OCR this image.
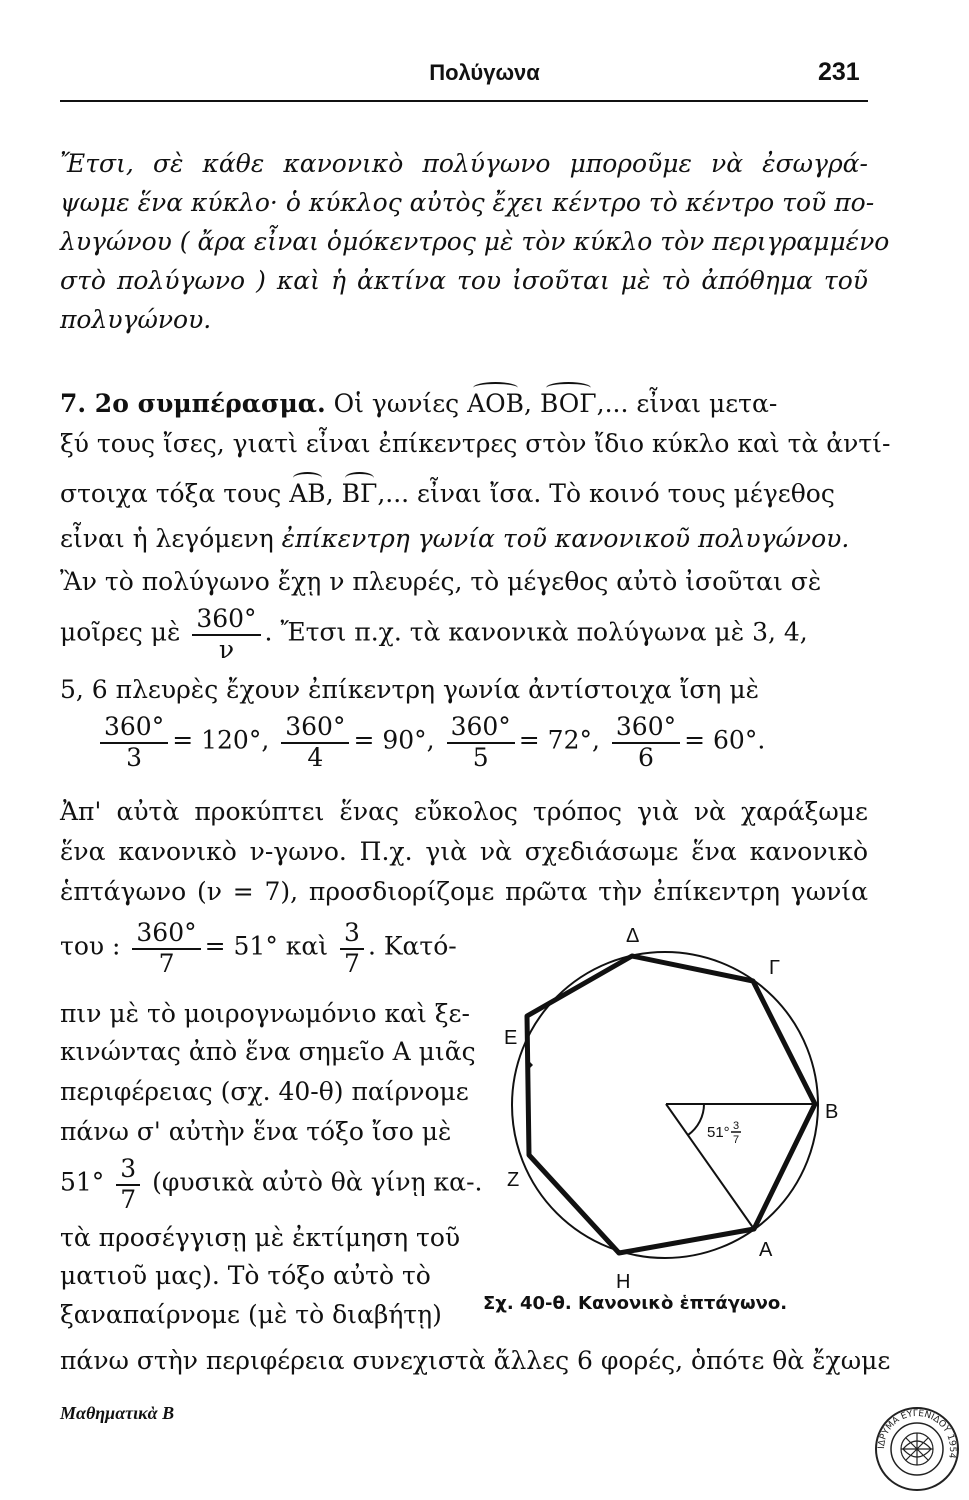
Πολύγωνα	231
Ἔτσι, σὲ κάθε κανονικὸ πολύγωνο μποροῦμε νὰ ἐσωγρά-
ψωμε ἕνα κύκλο· ὁ κύκλος αὐτὸς ἔχει κέντρο τὸ κέντρο τοῦ πο-
λυγώνου ( ἄρα εἶναι ὁμόκεντρος μὲ τὸν κύκλο τὸν περιγραμμένο
στὸ πολύγωνο ) καὶ ἡ ἀκτίνα του ἰσοῦται μὲ τὸ ἀπόθημα τοῦ
πολυγώνου.
7. 2ο συμπέρασμα. Οἱ γωνίες AOB, BOΓ,... εἶναι μετα-
ξύ τους ἴσες, γιατὶ εἶναι ἐπίκεντρες στὸν ἴδιο κύκλο καὶ τὰ ἀντί-
στοιχα τόξα τους AB, BΓ,... εἶναι ἴσα. Τὸ κοινό τους μέγεθος
εἶναι ἡ λεγόμενη ἐπίκεντρη γωνία τοῦ κανονικοῦ πολυγώνου.
Ἂν τὸ πολύγωνο ἔχῃ ν πλευρές, τὸ μέγεθος αὐτὸ ἰσοῦται σὲ
μοῖρες μὲ $\frac{360^\circ}{\nu}$ . Ἔτσι π.χ. τὰ κανονικὰ πολύγωνα μὲ 3, 4,
5, 6 πλευρὲς ἔχουν ἐπίκεντρη γωνία ἀντίστοιχα ἴση μὲ
$\frac{360^\circ}{3} = 120^\circ$, $\frac{360^\circ}{4} = 90^\circ$, $\frac{360^\circ}{5} = 72^\circ$, $\frac{360^\circ}{6} = 60^\circ$.
Ἀπ' αὐτὰ προκύπτει ἕνας εὔκολος τρόπος γιὰ νὰ χαράξωμε
ἕνα κανονικὸ ν-γωνο. Π.χ. γιὰ νὰ σχεδιάσωμε ἕνα κανονικὸ
ἑπτάγωνο (ν = 7), προσδιορίζομε πρῶτα τὴν ἐπίκεντρη γωνία
του : $\frac{360^\circ}{7} = 51^\circ$ καὶ $\frac{3}{7}$ . Κατό-
πιν μὲ τὸ μοιρογνωμόνιο καὶ ξε-
κινώντας ἀπὸ ἕνα σημεῖο Α μιᾶς
περιφέρειας (σχ. 40-θ) παίρνομε
πάνω σ' αὐτὴν ἕνα τόξο ἴσο μὲ
$51^\circ \frac{3}{7}$ (φυσικὰ αὐτὸ θὰ γίνῃ κα-.
τὰ προσέγγισῃ μὲ ἐκτίμηση τοῦ
ματιοῦ μας). Τὸ τόξο αὐτὸ τὸ
ξαναπαίρνομε (μὲ τὸ διαβήτῃ)
πάνω στὴν περιφέρεια συνεχιστὰ ἄλλες 6 φορές, ὁπότε θὰ ἔχωμε
Δ
Γ
Ε
Β
Ζ
Α
Η
51° 3
7
Σχ. 40-θ. Κανονικὸ ἑπτάγωνο.
Μαθηματικὰ Β
ΙΔΡΥΜΑ ΕΥΓΕΝΙΔΟΥ 1954
